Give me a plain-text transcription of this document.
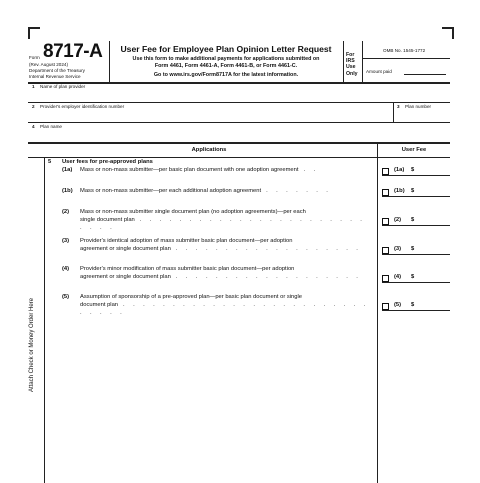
Form 8717-A
(Rev. August 2024)
Department of the Treasury
Internal Revenue Service
User Fee for Employee Plan Opinion Letter Request
Use this form to make additional payments for applications submitted on
Form 4461, Form 4461-A, Form 4461-B, or Form 4461-C.
Go to www.irs.gov/Form8717A for the latest information.
For
IRS
Use
Only
OMB No. 1545-1772
Amount paid
1 Name of plan provider
2 Provider's employer identification number	3 Plan number
4 Plan name
Applications	User Fee
Attach Check or Money Order Here
5 User fees for pre-approved plans
(1a) Mass or non-mass submitter—per basic plan document with one adoption agreement . .	(1a) $
(1b) Mass or non-mass submitter—per each additional adoption agreement . . . . . . .	(1b) $
(2) Mass or non-mass submitter single document plan (no adoption agreements)—per each
single document plan . . . . . . . . . . . . . . . . . . . . . . . . . . .
(2) $
(3) Provider's identical adoption of mass submitter basic plan document—per adoption
agreement or single document plan . . . . . . . . . . . . . . . . . . .	(3) $
(4) Provider's minor modification of mass submitter basic plan document—per adoption
agreement or single document plan . . . . . . . . . . . . . . . . . . .	(4) $
(5) Assumption of sponsorship of a pre-approved plan—per basic plan document or single
document plan . . . . . . . . . . . . . . . . . . . . . . . . . . . . . .
(5) $
